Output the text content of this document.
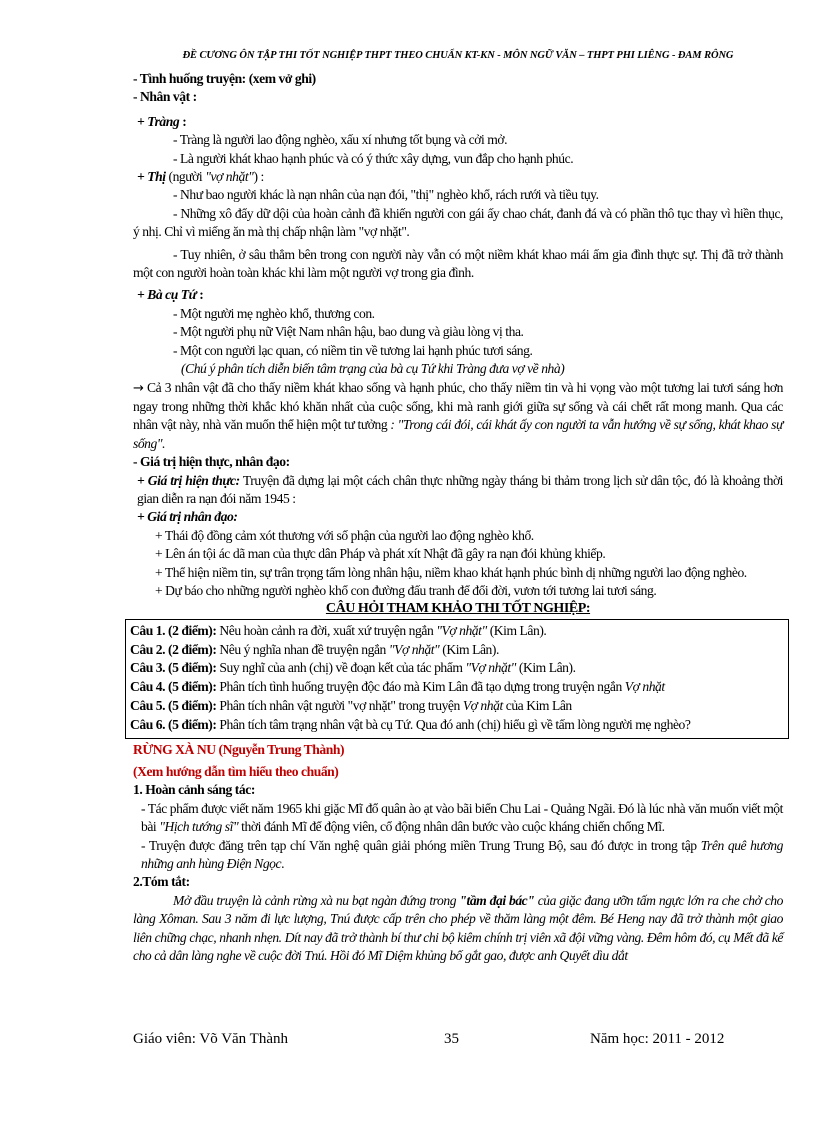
ĐỀ CƯƠNG ÔN TẬP THI TỐT NGHIỆP THPT THEO CHUẨN KT-KN - MÔN NGỮ VĂN – THPT PHI LIÊNG - ĐAM RÔNG

- Tình huống truyện: (xem vở ghi)

- Nhân vật :

+ Tràng :

- Tràng là người lao động nghèo, xấu xí nhưng tốt bụng và cởi mở.

- Là người khát khao hạnh phúc và có ý thức xây dựng, vun đắp cho hạnh phúc.

+ Thị (người "vợ nhặt") :

- Như bao người khác là nạn nhân của nạn đói, "thị" nghèo khổ, rách rưới và tiều tụy.

- Những xô đẩy dữ dội của hoàn cảnh đã khiến người con gái ấy chao chát, đanh đá và có phần thô tục thay vì hiền thục, ý nhị. Chỉ vì miếng ăn mà thị chấp nhận làm "vợ nhặt".

- Tuy nhiên, ở sâu thẳm bên trong con người này vẫn có một niềm khát khao mái ấm gia đình thực sự. Thị đã trở thành một con người hoàn toàn khác khi làm một người vợ trong gia đình.

+ Bà cụ Tứ :

- Một người mẹ nghèo khổ, thương con.

- Một người phụ nữ Việt Nam nhân hậu, bao dung và giàu lòng vị tha.

- Một con người lạc quan, có niềm tin về tương lai hạnh phúc tươi sáng.

(Chú ý phân tích diễn biến tâm trạng của bà cụ Tứ khi Tràng đưa vợ về nhà)

→ Cả 3 nhân vật đã cho thấy niềm khát khao sống và hạnh phúc, cho thấy niềm tin và hi vọng vào một tương lai tươi sáng hơn ngay trong những thời khắc khó khăn nhất của cuộc sống, khi mà ranh giới giữa sự sống và cái chết rất mong manh. Qua các nhân vật này, nhà văn muốn thể hiện một tư tưởng : "Trong cái đói, cái khát ấy con người ta vẫn hướng về sự sống, khát khao sự sống".

- Giá trị hiện thực, nhân đạo:

+ Giá trị hiện thực: Truyện đã dựng lại một cách chân thực những ngày tháng bi thảm trong lịch sử dân tộc, đó là khoảng thời gian diễn ra nạn đói năm 1945 :

+ Giá trị nhân đạo:

+ Thái độ đồng cảm xót thương với số phận của người lao động nghèo khổ.

+ Lên án tội ác dã man của thực dân Pháp và phát xít Nhật đã gây ra nạn đói khủng khiếp.

+ Thể hiện niềm tin, sự trân trọng tấm lòng nhân hậu, niềm khao khát hạnh phúc bình dị những người lao động nghèo.

+ Dự báo cho những người nghèo khổ con đường đấu tranh để đổi đời, vươn tới tương lai tươi sáng.

CÂU HỎI THAM KHẢO THI TỐT NGHIỆP:

Câu 1. (2 điểm): Nêu hoàn cảnh ra đời, xuất xứ truyện ngắn "Vợ nhặt" (Kim Lân).

Câu 2. (2 điểm): Nêu ý nghĩa nhan đề truyện ngắn "Vợ nhặt" (Kim Lân).

Câu 3. (5 điểm): Suy nghĩ của anh (chị) về đoạn kết của tác phẩm "Vợ nhặt" (Kim Lân).

Câu 4. (5 điểm): Phân tích tình huống truyện độc đáo mà Kim Lân đã tạo dựng trong truyện ngắn Vợ nhặt

Câu 5. (5 điểm): Phân tích nhân vật người "vợ nhặt" trong truyện Vợ nhặt của Kim Lân

Câu 6. (5 điểm): Phân tích tâm trạng nhân vật bà cụ Tứ. Qua đó anh (chị) hiểu gì về tấm lòng người mẹ nghèo?

RỪNG XÀ NU (Nguyễn Trung Thành)

(Xem hướng dẫn tìm hiểu theo chuẩn)

1. Hoàn cảnh sáng tác:

- Tác phẩm được viết năm 1965 khi giặc Mĩ đổ quân ào ạt vào bãi biển Chu Lai - Quảng Ngãi. Đó là lúc nhà văn muốn viết một bài "Hịch tướng sĩ" thời đánh Mĩ để động viên, cổ động nhân dân bước vào cuộc kháng chiến chống Mĩ.

- Truyện được đăng trên tạp chí Văn nghệ quân giải phóng miền Trung Trung Bộ, sau đó được in trong tập Trên quê hương những anh hùng Điện Ngọc.

2.Tóm tắt:

Mở đầu truyện là cảnh rừng xà nu bạt ngàn đứng trong "tầm đại bác" của giặc đang ưỡn tấm ngực lớn ra che chở cho làng Xôman. Sau 3 năm đi lực lượng, Tnú được cấp trên cho phép về thăm làng một đêm. Bé Heng nay đã trở thành một giao liên chững chạc, nhanh nhẹn. Dít nay đã trở thành bí thư chi bộ kiêm chính trị viên xã đội vững vàng. Đêm hôm đó, cụ Mết đã kể cho cả dân làng nghe về cuộc đời Tnú. Hồi đó Mĩ Diệm khủng bố gắt gao, được anh Quyết dìu dắt

Giáo viên: Võ Văn Thành	35	Năm học: 2011 - 2012
